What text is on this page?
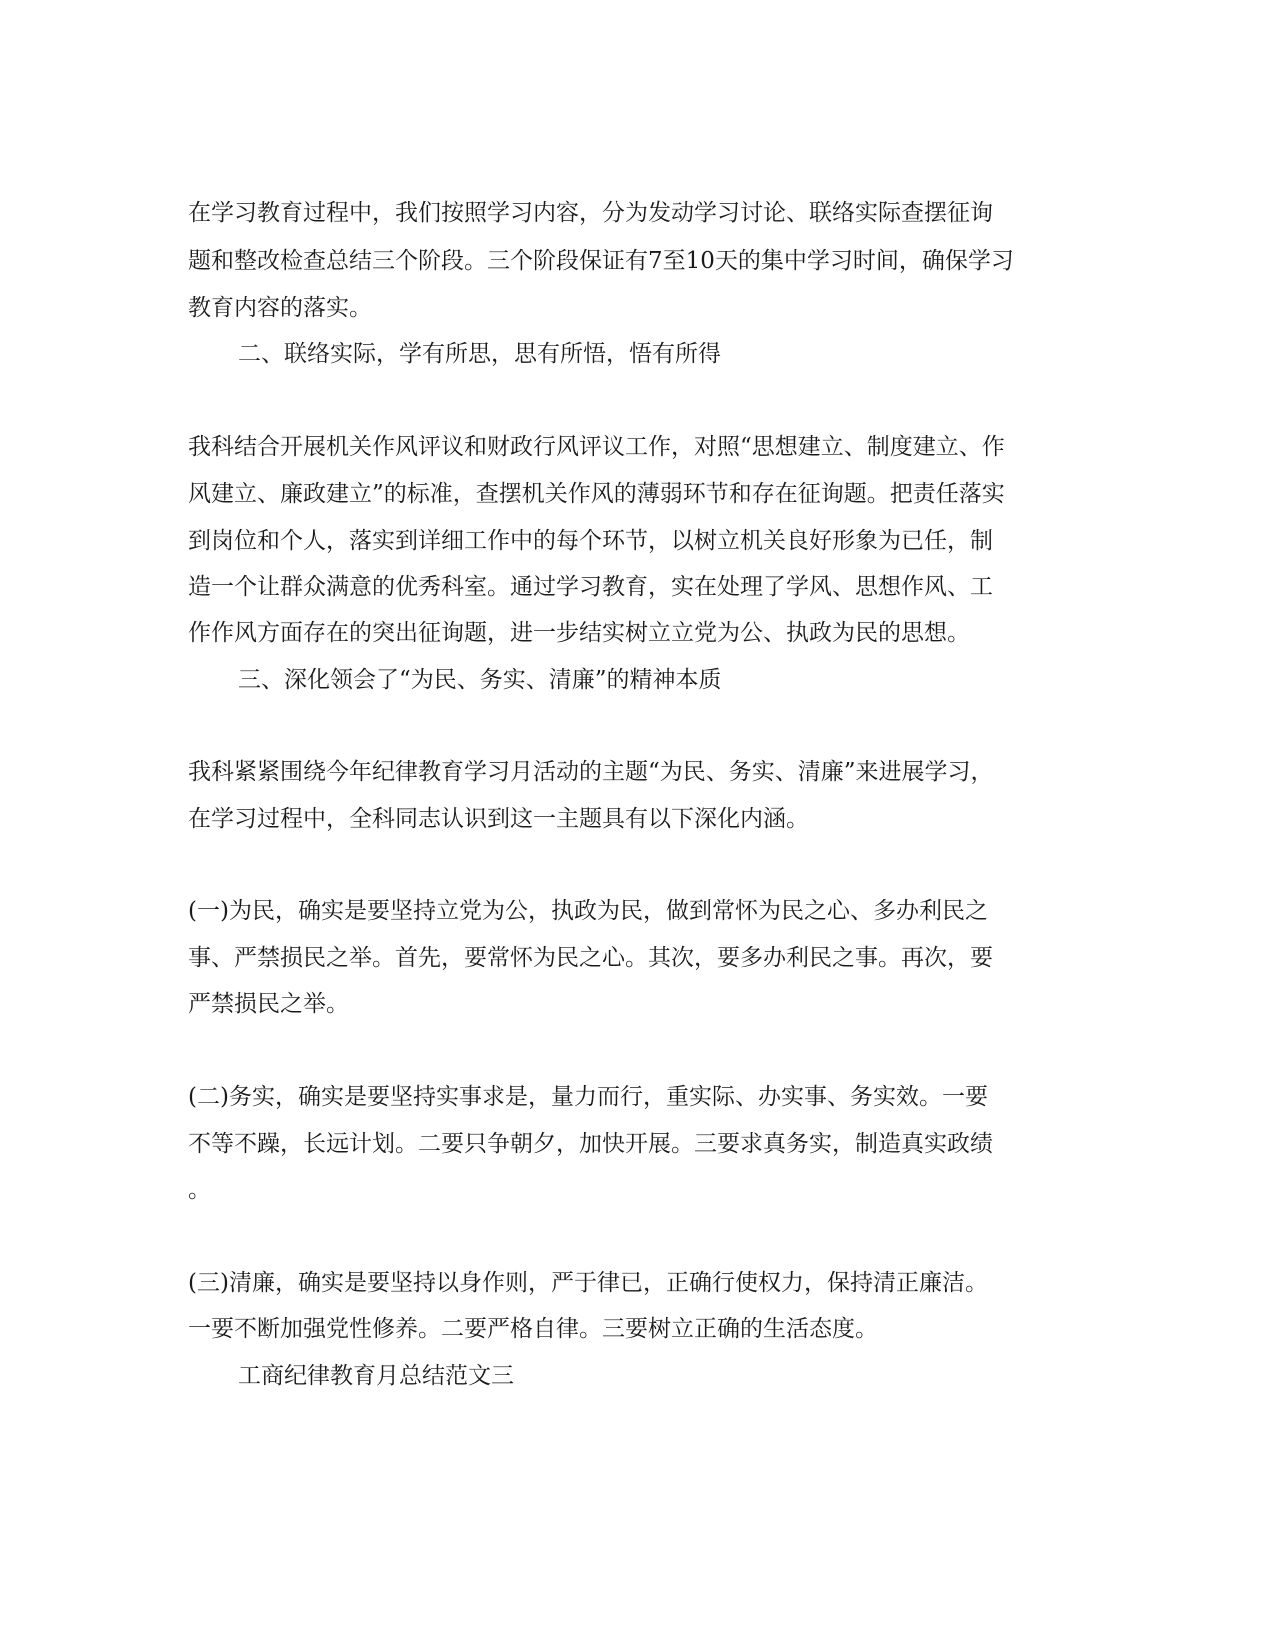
在学习教育过程中，我们按照学习内容，分为发动学习讨论、联络实际查摆征询
题和整改检查总结三个阶段。三个阶段保证有7至10天的集中学习时间，确保学习
教育内容的落实。
二、联络实际，学有所思，思有所悟，悟有所得
我科结合开展机关作风评议和财政行风评议工作，对照“思想建立、制度建立、作
风建立、廉政建立”的标准，查摆机关作风的薄弱环节和存在征询题。把责任落实
到岗位和个人，落实到详细工作中的每个环节，以树立机关良好形象为已任，制
造一个让群众满意的优秀科室。通过学习教育，实在处理了学风、思想作风、工
作作风方面存在的突出征询题，进一步结实树立立党为公、执政为民的思想。
三、深化领会了“为民、务实、清廉”的精神本质
我科紧紧围绕今年纪律教育学习月活动的主题“为民、务实、清廉”来进展学习，
在学习过程中，全科同志认识到这一主题具有以下深化内涵。
(一)为民，确实是要坚持立党为公，执政为民，做到常怀为民之心、多办利民之
事、严禁损民之举。首先，要常怀为民之心。其次，要多办利民之事。再次，要
严禁损民之举。
(二)务实，确实是要坚持实事求是，量力而行，重实际、办实事、务实效。一要
不等不躁，长远计划。二要只争朝夕，加快开展。三要求真务实，制造真实政绩
。
(三)清廉，确实是要坚持以身作则，严于律已，正确行使权力，保持清正廉洁。
一要不断加强党性修养。二要严格自律。三要树立正确的生活态度。
工商纪律教育月总结范文三
